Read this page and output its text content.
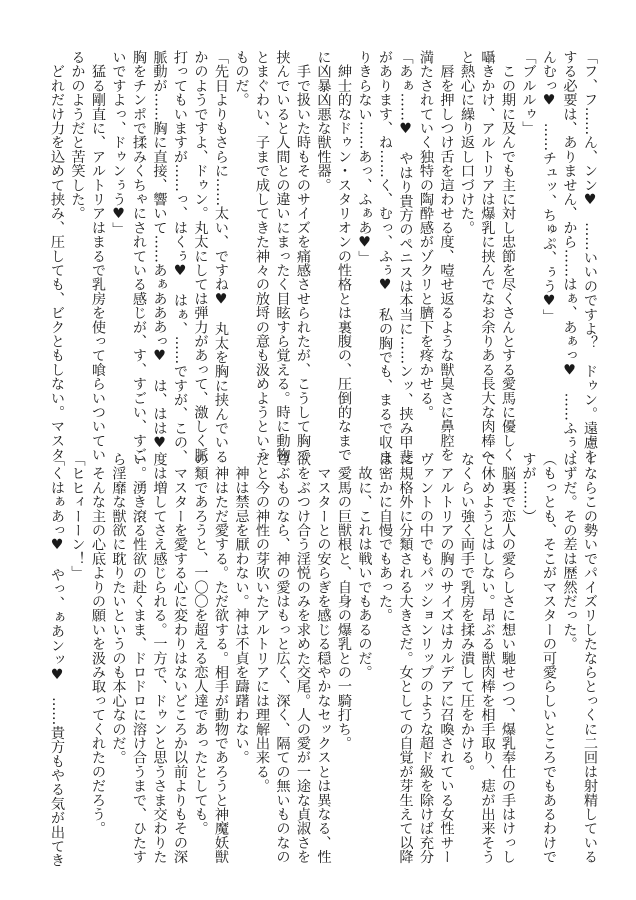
「フ、フ……ん、ンン♥　……いいのですよ？　ドゥン。遠慮を
する必要は、ありません、から……はぁ、あぁっ♥　……ふぅ、
んむっ♥　……チュッ、ちゅぷ、ぅう♥」
「ブルルゥ」
　この期に及んでも主に対し忠節を尽くさんとする愛馬に優しく
囁きかけ、アルトリアは爆乳に挟んでなお余りある長大な肉棒へ
と熱心に繰り返し口づけた。
　唇を押しつけ舌を這わせる度、噎せ返るような獣臭さに鼻腔を
満たされていく独特の陶酔感がゾクリと臍下を疼かせる。
「あぁ……♥　やはり貴方のペニスは本当に……ンッ、挟み甲斐
があります、ね……く、むっ、ふぅ♥　私の胸でも、まるで収ま
りきらない……あっ、ふぁあ♥」
　紳士的なドゥン・スタリオンの性格とは裏腹の、圧倒的なまで
に凶暴凶悪な獣性器。
　手で扱いた時もそのサイズを痛感させられたが、こうして胸で
挟んでいると人間との違いにまったく目眩すら覚える。時に動物
とまぐわい、子まで成してきた神々の放埒の意も汲めようという
ものだ。
「先日よりもさらに……太い、ですね♥　丸太を胸に挟んでいる
かのようですよ、ドゥン。丸太にしては弾力があって、激しく脈
打ってもいますが……っ、はくぅ♥　はぁ、……ですが、この、
脈動が……胸に直接、響いて……あぁあああっ♥　は、はは♥
胸をチンポで揉みくちゃにされている感じが、す、すごい、すご
いですよっ、ドゥンぅう♥」
　猛る剛直に、アルトリアはまるで乳房を使って喰らいついてい
るかのようだと苦笑した。
　どれだけ力を込めて挟み、圧しても、ビクともしない。マスタ
ーならこの勢いでパイズリしたならとっくに二回は射精している
はずだ。その差は歴然だった。
（もっとも、そこがマスターの可愛らしいところでもあるわけで
すが……）
　脳裏で恋人の愛らしさに想い馳せつつ、爆乳奉仕の手はけっし
て休めようとはしない。昂ぶる獣肉棒を相手取り、痣が出来そう
なくらい強く両手で乳房を揉み潰して圧をかける。
　アルトリアの胸のサイズはカルデアに召喚されている女性サー
ヴァントの中でもパッションリップのような超ド級を除けば充分
に規格外に分類される大きさだ。女としての自覚が芽生えて以降
は密かに自慢でもあった。
　故に、これは戦いでもあるのだ。
　愛馬の巨獣根と、自身の爆乳との一騎打ち。
　マスターとの安らぎを感じる穏やかなセックスとは異なる、性
欲をぶつけ合う淫悦のみを求めた交尾。人の愛が一途な貞淑さを
尊ぶものなら、神の愛はもっと広く、深く、隔ての無いものなの
だと今の神性の芽吹いたアルトリアには理解出来る。
　神は禁忌を厭わない。神は不貞を躊躇わない。
　神はただ愛する。ただ欲する。相手が動物であろうと神魔妖獣
の類であろうと、一〇〇を超える恋人達であったとしても。
　マスターを愛する心に変わりはないどころか以前よりもその深
度は増してさえ感じられる。一方で、ドゥンと思うさま交わりた
い。湧き滾る性欲の赴くまま、ドロドロに溶け合うまで、ひたす
ら淫靡な獣欲に耽りたいというのも本心なのだ。
　そんな主の心底よりの願いを汲み取ってくれたのだろう。
「ヒヒィーーン！」
「くはぁあっ♥　やっ、ぁあンッ♥　……貴方もやる気が出てき
